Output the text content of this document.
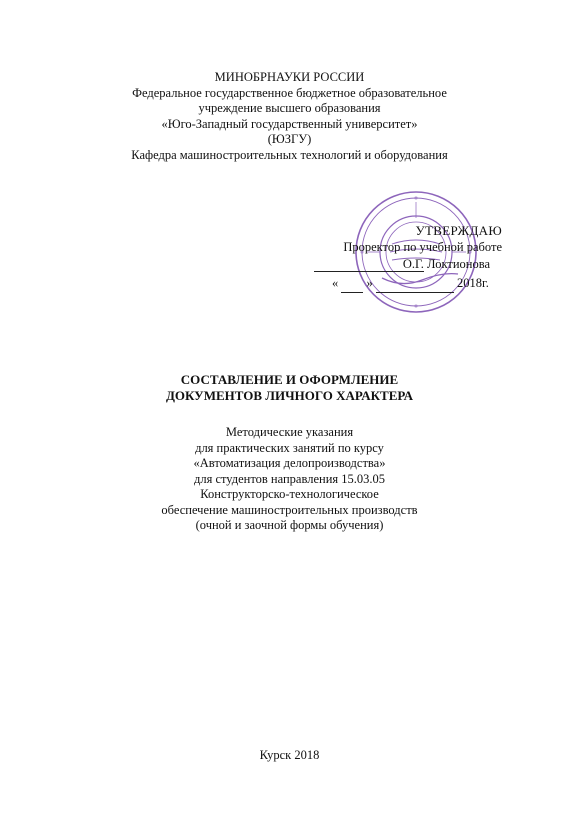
МИНОБРНАУКИ РОССИИ
Федеральное государственное бюджетное образовательное
учреждение высшего образования
«Юго-Западный государственный университет»
(ЮЗГУ)
Кафедра машиностроительных технологий и оборудования
УТВЕРЖДАЮ
Проректор по учебной работе
О.Г. Локтионова
« »	2018г.
СОСТАВЛЕНИЕ И ОФОРМЛЕНИЕ
ДОКУМЕНТОВ ЛИЧНОГО ХАРАКТЕРА
Методические указания
для практических занятий по курсу
«Автоматизация делопроизводства»
для студентов направления 15.03.05
Конструкторско-технологическое
обеспечение машиностроительных производств
(очной и заочной формы обучения)
Курск 2018
